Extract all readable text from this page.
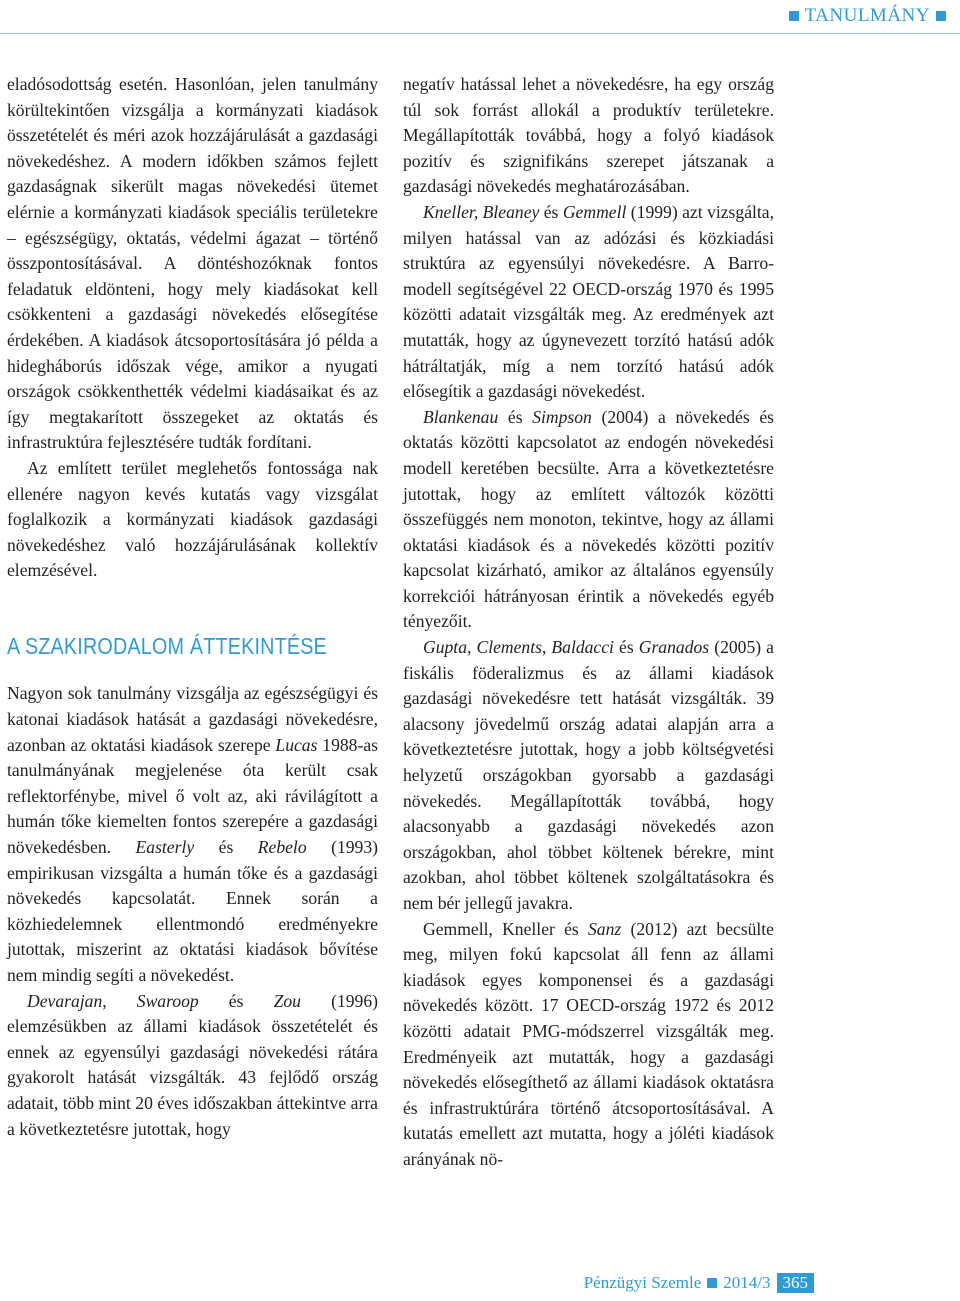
TANULMÁNY

eladósodottság esetén. Hasonlóan, jelen tanulmány körültekintően vizsgálja a kormányzati kiadások összetételét és méri azok hozzájárulását a gazdasági növekedéshez. A modern időkben számos fejlett gazdaságnak sikerült magas növekedési ütemet elérnie a kormányzati kiadások speciális területekre – egészségügy, oktatás, védelmi ágazat – történő összpontosításával. A döntéshozóknak fontos feladatuk eldönteni, hogy mely kiadásokat kell csökkenteni a gazdasági növekedés elősegítése érdekében. A kiadások átcsoportosítására jó példa a hidegháborús időszak vége, amikor a nyugati országok csökkenthették védelmi kiadásaikat és az így megtakarított összegeket az oktatás és infrastruktúra fejlesztésére tudták fordítani.

Az említett terület meglehetős fontossága nak ellenére nagyon kevés kutatás vagy vizsgálat foglalkozik a kormányzati kiadások gazdasági növekedéshez való hozzájárulásának kollektív elemzésével.

A SZAKIRODALOM ÁTTEKINTÉSE

Nagyon sok tanulmány vizsgálja az egészségügyi és katonai kiadások hatását a gazdasági növekedésre, azonban az oktatási kiadások szerepe Lucas 1988-as tanulmányának megjelenése óta került csak reflektorfénybe, mivel ő volt az, aki rávilágított a humán tőke kiemelten fontos szerepére a gazdasági növekedésben. Easterly és Rebelo (1993) empirikusan vizsgálta a humán tőke és a gazdasági növekedés kapcsolatát. Ennek során a közhiedelemnek ellentmondó eredményekre jutottak, miszerint az oktatási kiadások bővítése nem mindig segíti a növekedést.

Devarajan, Swaroop és Zou (1996) elemzésükben az állami kiadások összetételét és ennek az egyensúlyi gazdasági növekedési rátára gyakorolt hatását vizsgálták. 43 fejlődő ország adatait, több mint 20 éves időszakban áttekintve arra a következtetésre jutottak, hogy

negatív hatással lehet a növekedésre, ha egy ország túl sok forrást allokál a produktív területekre. Megállapították továbbá, hogy a folyó kiadások pozitív és szignifikáns szerepet játszanak a gazdasági növekedés meghatározásában.

Kneller, Bleaney és Gemmell (1999) azt vizsgálta, milyen hatással van az adózási és közkiadási struktúra az egyensúlyi növekedésre. A Barro-modell segítségével 22 OECD-ország 1970 és 1995 közötti adatait vizsgálták meg. Az eredmények azt mutatták, hogy az úgynevezett torzító hatású adók hátráltatják, míg a nem torzító hatású adók elősegítik a gazdasági növekedést.

Blankenau és Simpson (2004) a növekedés és oktatás közötti kapcsolatot az endogén növekedési modell keretében becsülte. Arra a következtetésre jutottak, hogy az említett változók közötti összefüggés nem monoton, tekintve, hogy az állami oktatási kiadások és a növekedés közötti pozitív kapcsolat kizárható, amikor az általános egyensúly korrekciói hátrányosan érintik a növekedés egyéb tényezőit.

Gupta, Clements, Baldacci és Granados (2005) a fiskális föderalizmus és az állami kiadások gazdasági növekedésre tett hatását vizsgálták. 39 alacsony jövedelmű ország adatai alapján arra a következtetésre jutottak, hogy a jobb költségvetési helyzetű országokban gyorsabb a gazdasági növekedés. Megállapították továbbá, hogy alacsonyabb a gazdasági növekedés azon országokban, ahol többet költenek bérekre, mint azokban, ahol többet költenek szolgáltatásokra és nem bér jellegű javakra.

Gemmell, Kneller és Sanz (2012) azt becsülte meg, milyen fokú kapcsolat áll fenn az állami kiadások egyes komponensei és a gazdasági növekedés között. 17 OECD-ország 1972 és 2012 közötti adatait PMG-módszerrel vizsgálták meg. Eredményeik azt mutatták, hogy a gazdasági növekedés elősegíthető az állami kiadások oktatásra és infrastruktúrára történő átcsoportosításával. A kutatás emellett azt mutatta, hogy a jóléti kiadások arányának nö-

Pénzügyi Szemle 2014/3 365
